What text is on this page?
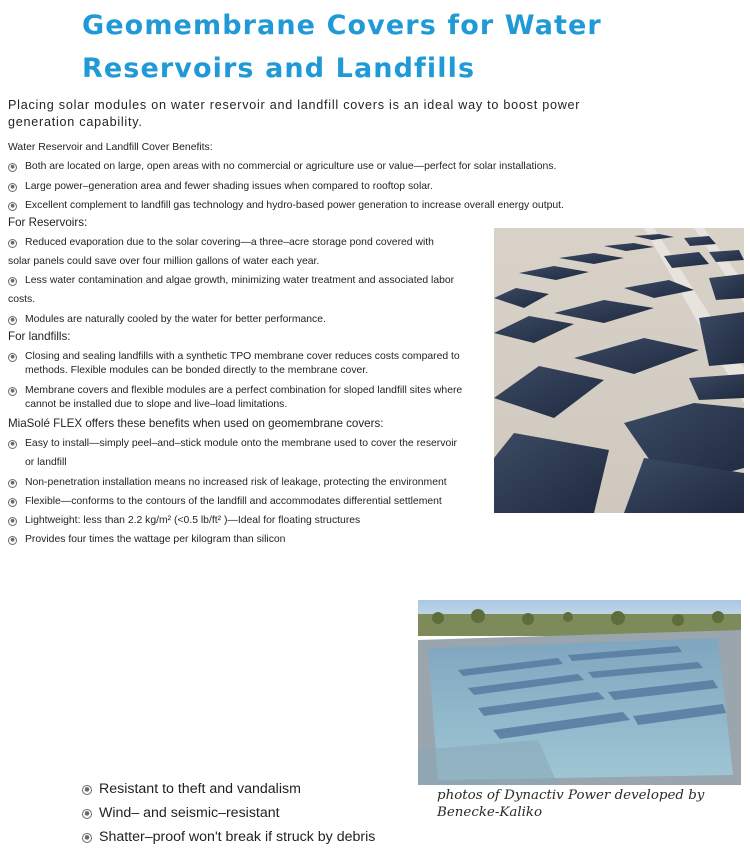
Geomembrane Covers for Water Reservoirs and Landfills

Placing solar modules on water reservoir and landfill covers is an ideal way to boost power generation capability.

Water Reservoir and Landfill Cover Benefits:
● Both are located on large, open areas with no commercial or agriculture use or value—perfect for solar installations.
● Large power–generation area and fewer shading issues when compared to rooftop solar.
● Excellent complement to landfill gas technology and hydro-based power generation to increase overall energy output.
For Reservoirs:
● Reduced evaporation due to the solar covering—a three–acre storage pond covered with
solar panels could save over four million gallons of water each year.
● Less water contamination and algae growth, minimizing water treatment and associated labor
costs.
● Modules are naturally cooled by the water for better performance.
For landfills:
● Closing and sealing landfills with a synthetic TPO membrane cover reduces costs compared to
methods. Flexible modules can be bonded directly to the membrane cover.
● Membrane covers and flexible modules are a perfect combination for sloped landfill sites where
cannot be installed due to slope and live–load limitations.
MiaSolé FLEX offers these benefits when used on geomembrane covers:
● Easy to install—simply peel–and–stick module onto the membrane used to cover the reservoir
or landfill
● Non-penetration installation means no increased risk of leakage, protecting the environment
● Flexible—conforms to the contours of the landfill and accommodates differential settlement
● Lightweight: less than 2.2 kg/m² (<0.5 lb/ft² )—Ideal for floating structures
● Provides four times the wattage per kilogram than silicon
● Resistant to theft and vandalism
● Wind– and seismic–resistant
● Shatter–proof won't break if struck by debris

photos of Dynactiv Power developed by Benecke-Kaliko
